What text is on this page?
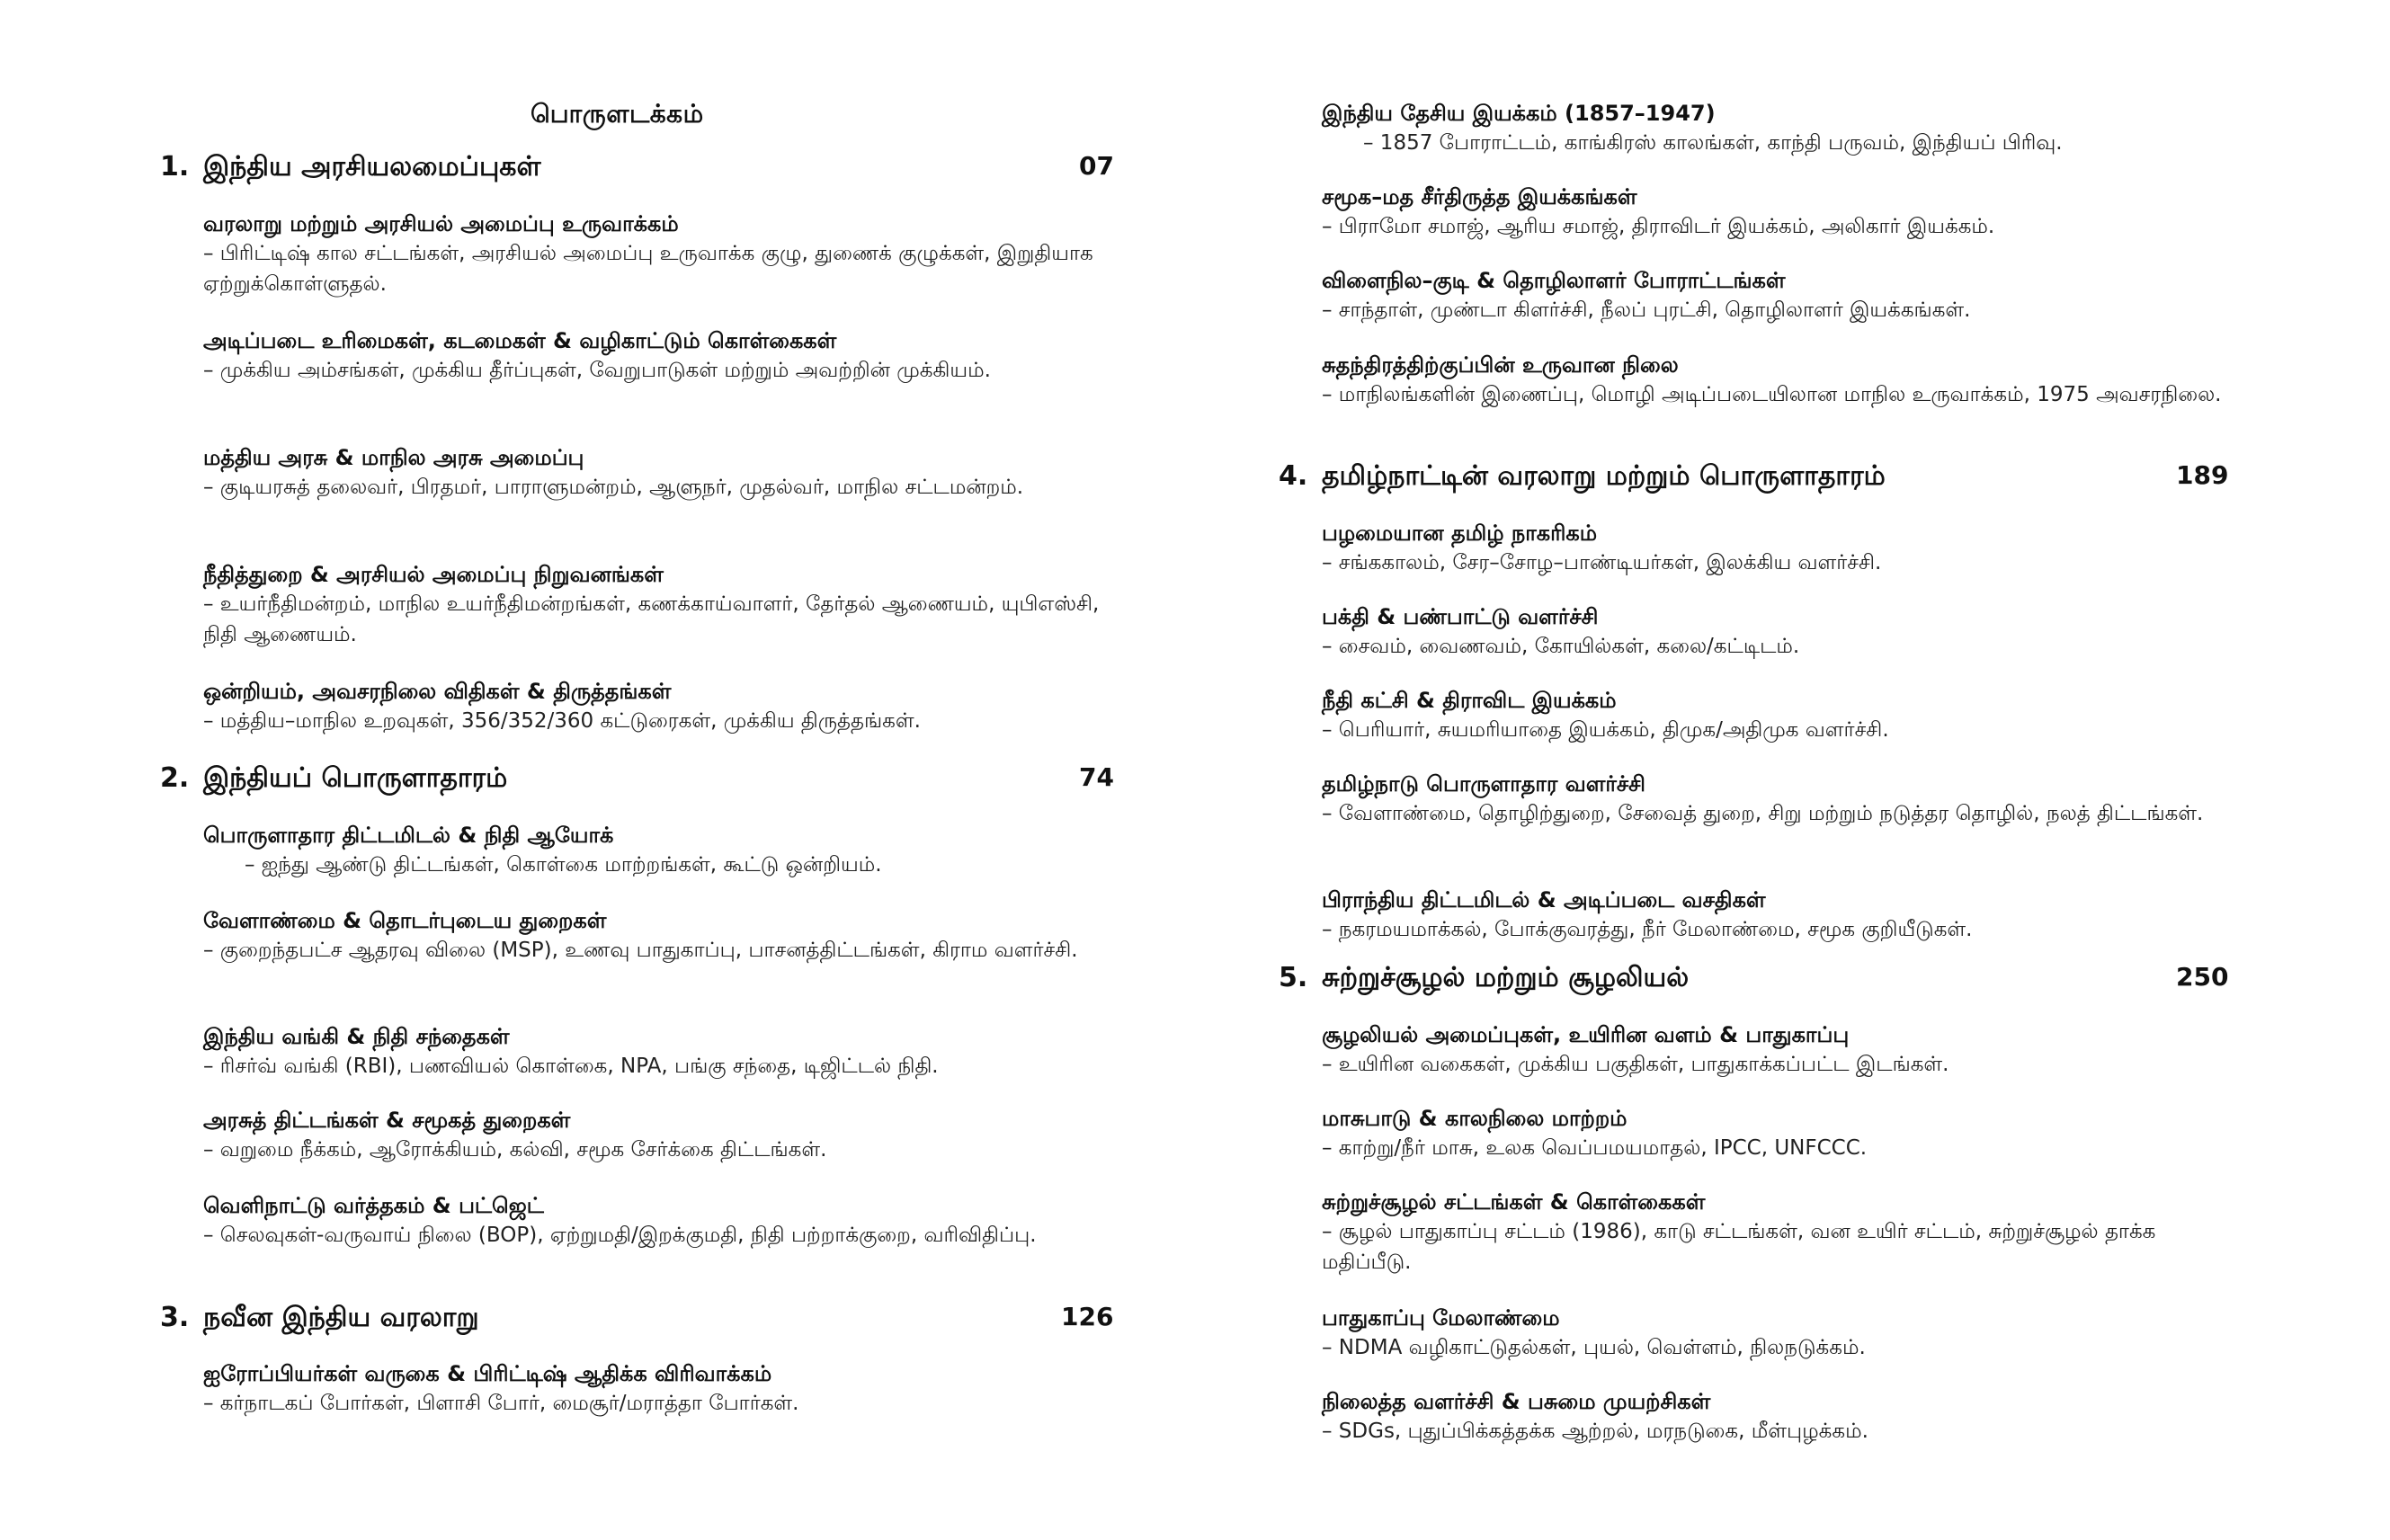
பொருளடக்கம்
1. இந்திய அரசியலமைப்புகள்	07
வரலாறு மற்றும் அரசியல் அமைப்பு உருவாக்கம்
– பிரிட்டிஷ் கால சட்டங்கள், அரசியல் அமைப்பு உருவாக்க குழு, துணைக் குழுக்கள், இறுதியாக ஏற்றுக்கொள்ளுதல்.
அடிப்படை உரிமைகள், கடமைகள் & வழிகாட்டும் கொள்கைகள்
– முக்கிய அம்சங்கள், முக்கிய தீர்ப்புகள், வேறுபாடுகள் மற்றும் அவற்றின் முக்கியம்.
மத்திய அரசு & மாநில அரசு அமைப்பு
– குடியரசுத் தலைவர், பிரதமர், பாராளுமன்றம், ஆளுநர், முதல்வர், மாநில சட்டமன்றம்.
நீதித்துறை & அரசியல் அமைப்பு நிறுவனங்கள்
– உயர்நீதிமன்றம், மாநில உயர்நீதிமன்றங்கள், கணக்காய்வாளர், தேர்தல் ஆணையம், யுபிஎஸ்சி, நிதி ஆணையம்.
ஒன்றியம், அவசரநிலை விதிகள் & திருத்தங்கள்
– மத்திய–மாநில உறவுகள், 356/352/360 கட்டுரைகள், முக்கிய திருத்தங்கள்.
2. இந்தியப் பொருளாதாரம்	74
பொருளாதார திட்டமிடல் & நிதி ஆயோக்
– ஐந்து ஆண்டு திட்டங்கள், கொள்கை மாற்றங்கள், கூட்டு ஒன்றியம்.
வேளாண்மை & தொடர்புடைய துறைகள்
– குறைந்தபட்ச ஆதரவு விலை (MSP), உணவு பாதுகாப்பு, பாசனத்திட்டங்கள், கிராம வளர்ச்சி.
இந்திய வங்கி & நிதி சந்தைகள்
– ரிசர்வ் வங்கி (RBI), பணவியல் கொள்கை, NPA, பங்கு சந்தை, டிஜிட்டல் நிதி.
அரசுத் திட்டங்கள் & சமூகத் துறைகள்
– வறுமை நீக்கம், ஆரோக்கியம், கல்வி, சமூக சேர்க்கை திட்டங்கள்.
வெளிநாட்டு வர்த்தகம் & பட்ஜெட்
– செலவுகள்-வருவாய் நிலை (BOP), ஏற்றுமதி/இறக்குமதி, நிதி பற்றாக்குறை, வரிவிதிப்பு.
3. நவீன இந்திய வரலாறு	126
ஐரோப்பியர்கள் வருகை & பிரிட்டிஷ் ஆதிக்க விரிவாக்கம்
– கர்நாடகப் போர்கள், பிளாசி போர், மைசூர்/மராத்தா போர்கள்.
இந்திய தேசிய இயக்கம் (1857–1947)
– 1857 போராட்டம், காங்கிரஸ் காலங்கள், காந்தி பருவம், இந்தியப் பிரிவு.
சமூக–மத சீர்திருத்த இயக்கங்கள்
– பிராமோ சமாஜ், ஆரிய சமாஜ், திராவிடர் இயக்கம், அலிகார் இயக்கம்.
விளைநில–குடி & தொழிலாளர் போராட்டங்கள்
– சாந்தாள், முண்டா கிளர்ச்சி, நீலப் புரட்சி, தொழிலாளர் இயக்கங்கள்.
சுதந்திரத்திற்குப்பின் உருவான நிலை
– மாநிலங்களின் இணைப்பு, மொழி அடிப்படையிலான மாநில உருவாக்கம், 1975 அவசரநிலை.
4. தமிழ்நாட்டின் வரலாறு மற்றும் பொருளாதாரம்	189
பழமையான தமிழ் நாகரிகம்
– சங்ககாலம், சேர–சோழ–பாண்டியர்கள், இலக்கிய வளர்ச்சி.
பக்தி & பண்பாட்டு வளர்ச்சி
– சைவம், வைணவம், கோயில்கள், கலை/கட்டிடம்.
நீதி கட்சி & திராவிட இயக்கம்
– பெரியார், சுயமரியாதை இயக்கம், திமுக/அதிமுக வளர்ச்சி.
தமிழ்நாடு பொருளாதார வளர்ச்சி
– வேளாண்மை, தொழிற்துறை, சேவைத் துறை, சிறு மற்றும் நடுத்தர தொழில், நலத் திட்டங்கள்.
பிராந்திய திட்டமிடல் & அடிப்படை வசதிகள்
– நகரமயமாக்கல், போக்குவரத்து, நீர் மேலாண்மை, சமூக குறியீடுகள்.
5. சுற்றுச்சூழல் மற்றும் சூழலியல்	250
சூழலியல் அமைப்புகள், உயிரின வளம் & பாதுகாப்பு
– உயிரின வகைகள், முக்கிய பகுதிகள், பாதுகாக்கப்பட்ட இடங்கள்.
மாசுபாடு & காலநிலை மாற்றம்
– காற்று/நீர் மாசு, உலக வெப்பமயமாதல், IPCC, UNFCCC.
சுற்றுச்சூழல் சட்டங்கள் & கொள்கைகள்
– சூழல் பாதுகாப்பு சட்டம் (1986), காடு சட்டங்கள், வன உயிர் சட்டம், சுற்றுச்சூழல் தாக்க மதிப்பீடு.
பாதுகாப்பு மேலாண்மை
– NDMA வழிகாட்டுதல்கள், புயல், வெள்ளம், நிலநடுக்கம்.
நிலைத்த வளர்ச்சி & பசுமை முயற்சிகள்
– SDGs, புதுப்பிக்கத்தக்க ஆற்றல், மரநடுகை, மீள்புழக்கம்.
